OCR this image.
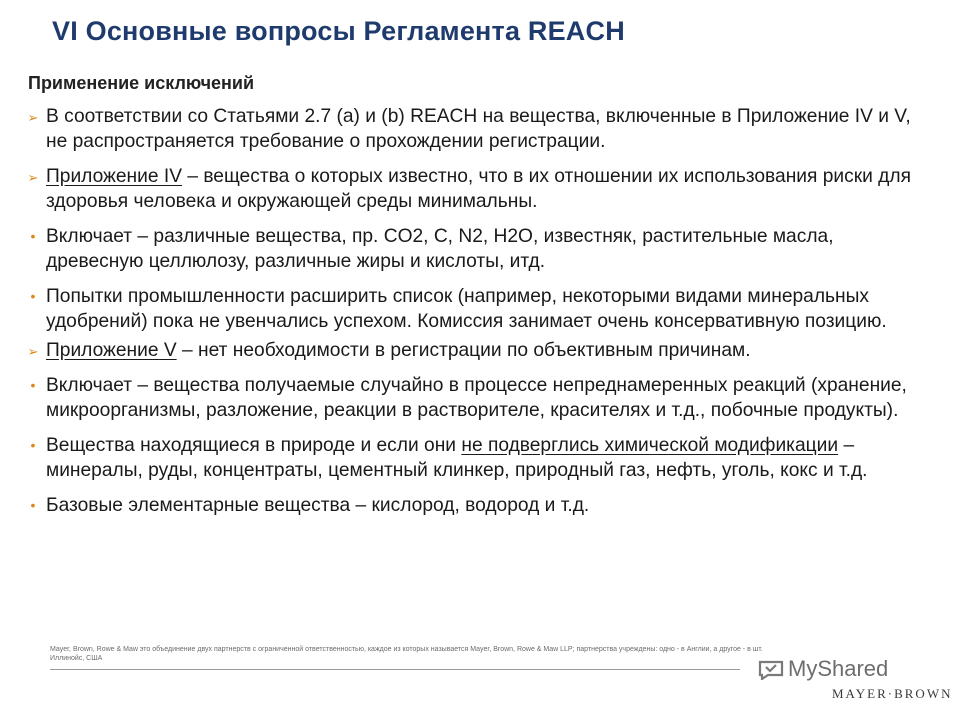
VI Основные вопросы Регламента REACH
Применение исключений
➢ В соответствии со Статьями 2.7 (а) и (b) REACH на вещества, включенные в Приложение IV и V, не распространяется требование о прохождении регистрации.
➢ Приложение IV – вещества о которых известно, что в их отношении их использования риски для здоровья человека и окружающей среды минимальны.
• Включает – различные вещества, пр. CO2, C, N2, H2O, известняк, растительные масла, древесную целлюлозу, различные жиры и кислоты, итд.
• Попытки промышленности расширить список (например, некоторыми видами минеральных удобрений) пока не увенчались успехом. Комиссия занимает очень консервативную позицию.
➢ Приложение V – нет необходимости в регистрации по объективным причинам.
• Включает – вещества получаемые случайно в процессе непреднамеренных реакций (хранение, микроорганизмы, разложение, реакции в растворителе, красителях и т.д., побочные продукты).
• Вещества находящиеся в природе и если они не подверглись химической модификации – минералы, руды, концентраты, цементный клинкер, природный газ, нефть, уголь, кокс и т.д.
• Базовые элементарные вещества – кислород, водород и т.д.
Mayer, Brown, Rowe & Maw это объединение двух партнерств с ограниченной ответственностью, каждое из которых называется Mayer, Brown, Rowe & Maw LLP; партнерства учреждены: одно - в Англии, а другое - в шт. Иллинойс, США	MyShared
MAYER·BROWN
